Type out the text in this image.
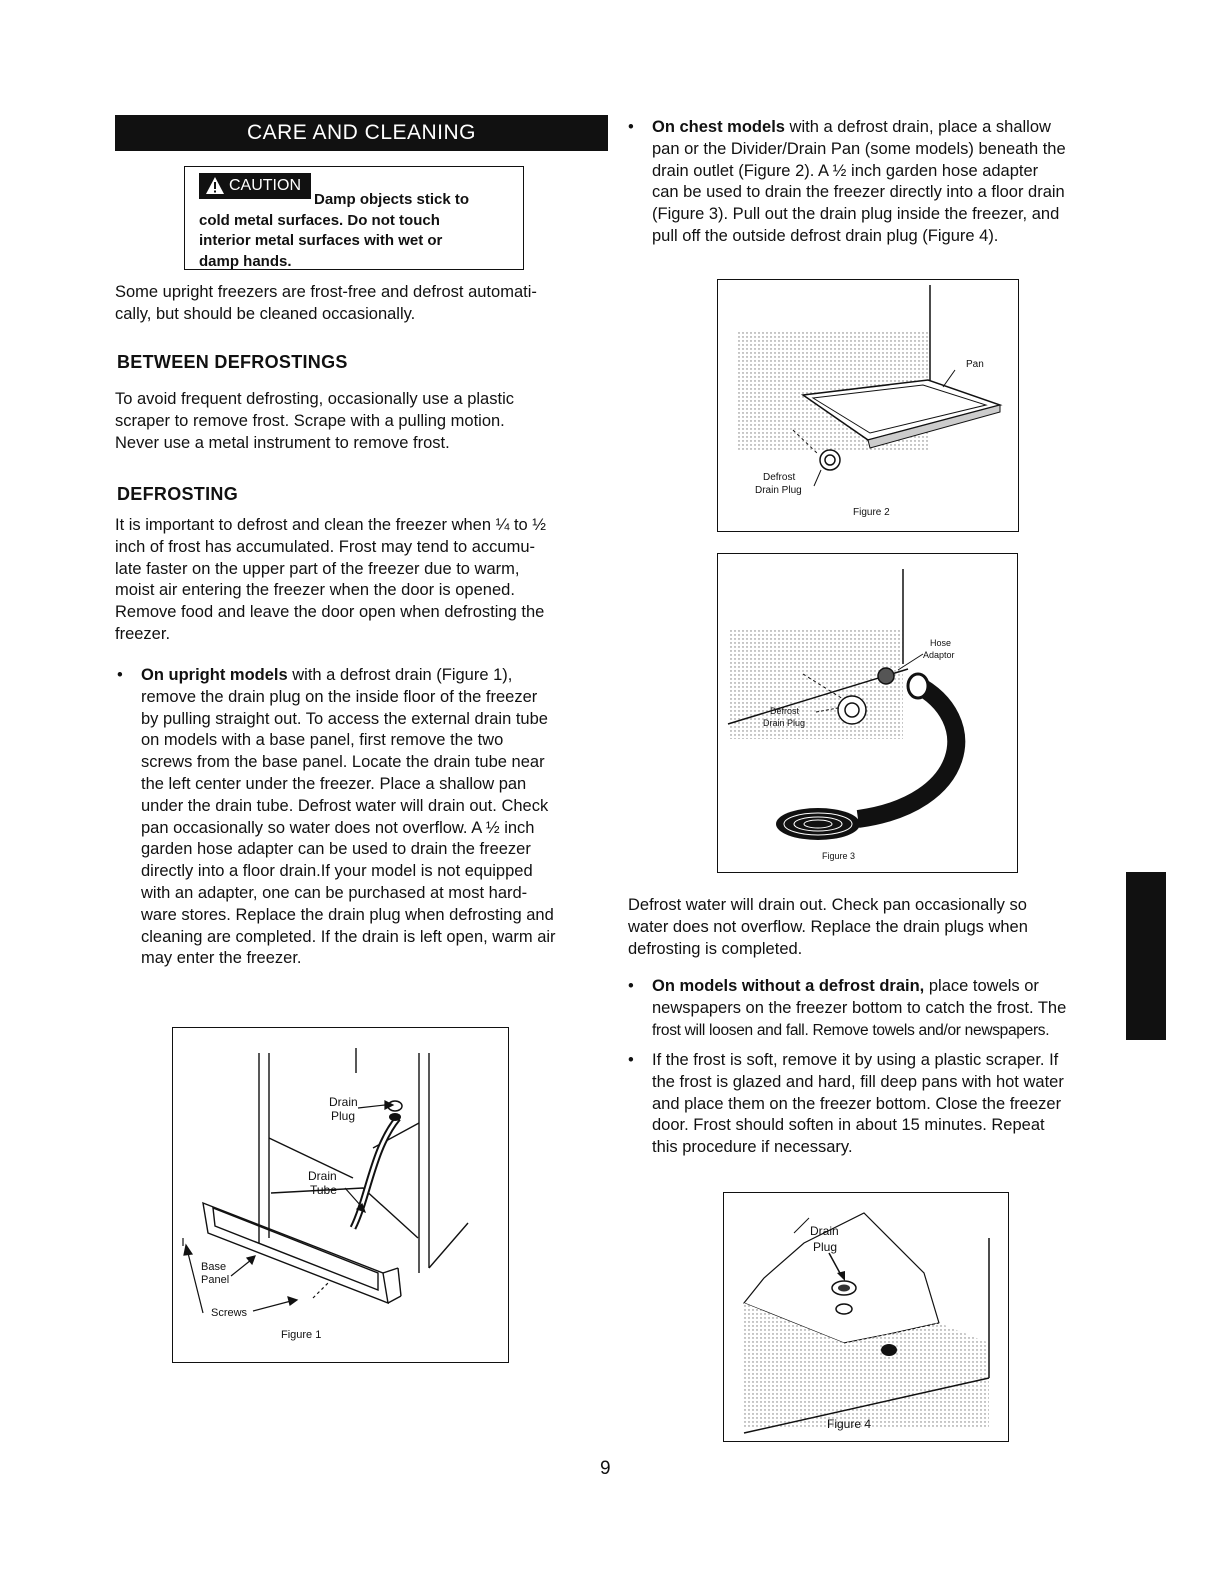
CARE AND CLEANING
CAUTION
Damp objects stick to
cold metal surfaces. Do not touch
interior metal surfaces with wet or
damp hands.

Some upright freezers are frost-free and defrost automati-

cally, but should be cleaned occasionally.

BETWEEN DEFROSTINGS

To avoid frequent defrosting, occasionally use a plastic

scraper to remove frost. Scrape with a pulling motion.

Never use a metal instrument to remove frost.

DEFROSTING

It is important to defrost and clean the freezer when ¼ to ½

inch of frost has accumulated. Frost may tend to accumu-

late faster on the upper part of the freezer due to warm,

moist air entering the freezer when the door is opened.

Remove food and leave the door open when defrosting the

freezer.

• On upright models with a defrost drain (Figure 1),
remove the drain plug on the inside floor of the freezer
by pulling straight out. To access the external drain tube
on models with a base panel, first remove the two
screws from the base panel. Locate the drain tube near
the left center under the freezer. Place a shallow pan
under the drain tube. Defrost water will drain out. Check
pan occasionally so water does not overflow. A ½ inch
garden hose adapter can be used to drain the freezer
directly into a floor drain.If your model is not equipped
with an adapter, one can be purchased at most hard-
ware stores. Replace the drain plug when defrosting and
cleaning are completed. If the drain is left open, warm air
may enter the freezer.
Drain
Plug
Drain
Tube
Base
Panel
Screws
Figure 1
• On chest models with a defrost drain, place a shallow
pan or the Divider/Drain Pan (some models) beneath the
drain outlet (Figure 2). A ½ inch garden hose adapter
can be used to drain the freezer directly into a floor drain
(Figure 3). Pull out the drain plug inside the freezer, and
pull off the outside defrost drain plug (Figure 4).
Pan
Defrost
Drain Plug
Figure 2
Hose
Adaptor
Defrost
Drain Plug
Figure 3

Defrost water will drain out. Check pan occasionally so

water does not overflow. Replace the drain plugs when

defrosting is completed.

• On models without a defrost drain, place towels or
newspapers on the freezer bottom to catch the frost. The
frost will loosen and fall. Remove towels and/or newspapers.
• If the frost is soft, remove it by using a plastic scraper. If
the frost is glazed and hard, fill deep pans with hot water
and place them on the freezer bottom. Close the freezer
door. Frost should soften in about 15 minutes. Repeat
this procedure if necessary.
Drain
Plug
Figure 4
9
